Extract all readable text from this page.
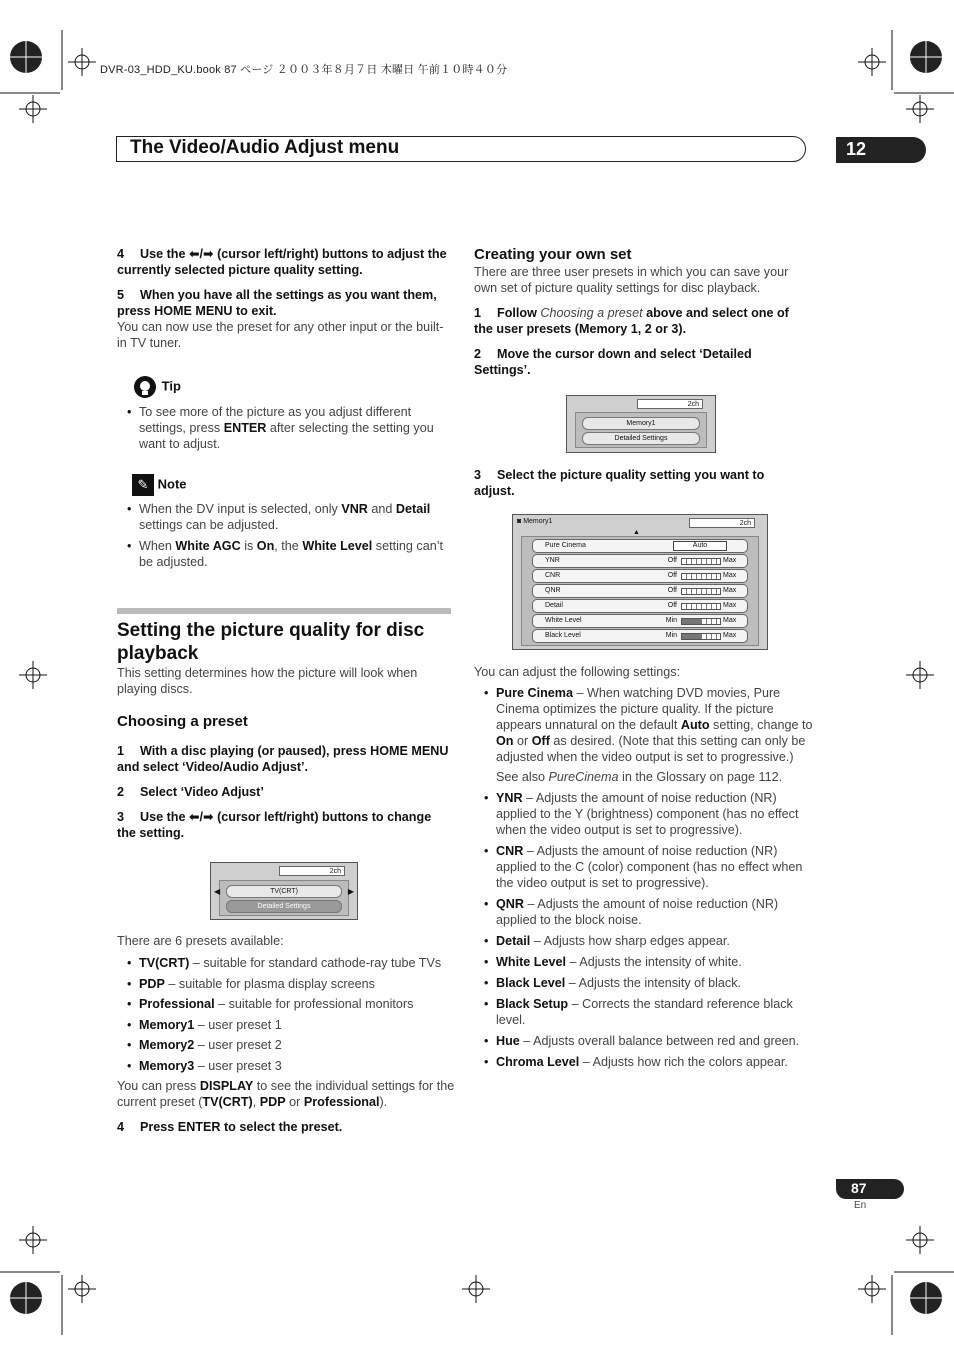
DVR-03_HDD_KU.book 87 ページ ２００３年８月７日 木曜日 午前１０時４０分
The Video/Audio Adjust menu	12

4 Use the ⬅/➡ (cursor left/right) buttons to adjust the currently selected picture quality setting.

5 When you have all the settings as you want them, press HOME MENU to exit.

You can now use the preset for any other input or the built-in TV tuner.

Tip
• To see more of the picture as you adjust different settings, press ENTER after selecting the setting you want to adjust.
✎ Note
• When the DV input is selected, only VNR and Detail settings can be adjusted.
• When White AGC is On, the White Level setting can’t be adjusted.

Setting the picture quality for disc playback

This setting determines how the picture will look when playing discs.

Choosing a preset

1 With a disc playing (or paused), press HOME MENU and select ‘Video/Audio Adjust’.

2 Select ‘Video Adjust’

3 Use the ⬅/➡ (cursor left/right) buttons to change the setting.

2ch
TV(CRT)
Detailed Settings
◀	▶

There are 6 presets available:

• TV(CRT) – suitable for standard cathode-ray tube TVs
• PDP – suitable for plasma display screens
• Professional – suitable for professional monitors
• Memory1 – user preset 1
• Memory2 – user preset 2
• Memory3 – user preset 3

You can press DISPLAY to see the individual settings for the current preset (TV(CRT), PDP or Professional).

4 Press ENTER to select the preset.

Creating your own set

There are three user presets in which you can save your own set of picture quality settings for disc playback.

1 Follow Choosing a preset above and select one of the user presets (Memory 1, 2 or 3).

2 Move the cursor down and select ‘Detailed Settings’.

2ch
Memory1
Detailed Settings

3 Select the picture quality setting you want to adjust.

◙ Memory1	2ch
▲
Pure Cinema	Auto
YNR	Off	Max
CNR	Off	Max
QNR	Off	Max
Detail	Off	Max
White Level	Min	Max
Black Level	Min	Max

You can adjust the following settings:

• Pure Cinema – When watching DVD movies, Pure Cinema optimizes the picture quality. If the picture appears unnatural on the default Auto setting, change to On or Off as desired. (Note that this setting can only be adjusted when the video output is set to progressive.)
See also PureCinema in the Glossary on page 112.
• YNR – Adjusts the amount of noise reduction (NR) applied to the Y (brightness) component (has no effect when the video output is set to progressive).
• CNR – Adjusts the amount of noise reduction (NR) applied to the C (color) component (has no effect when the video output is set to progressive).
• QNR – Adjusts the amount of noise reduction (NR) applied to the block noise.
• Detail – Adjusts how sharp edges appear.
• White Level – Adjusts the intensity of white.
• Black Level – Adjusts the intensity of black.
• Black Setup – Corrects the standard reference black level.
• Hue – Adjusts overall balance between red and green.
• Chroma Level – Adjusts how rich the colors appear.
87
En
